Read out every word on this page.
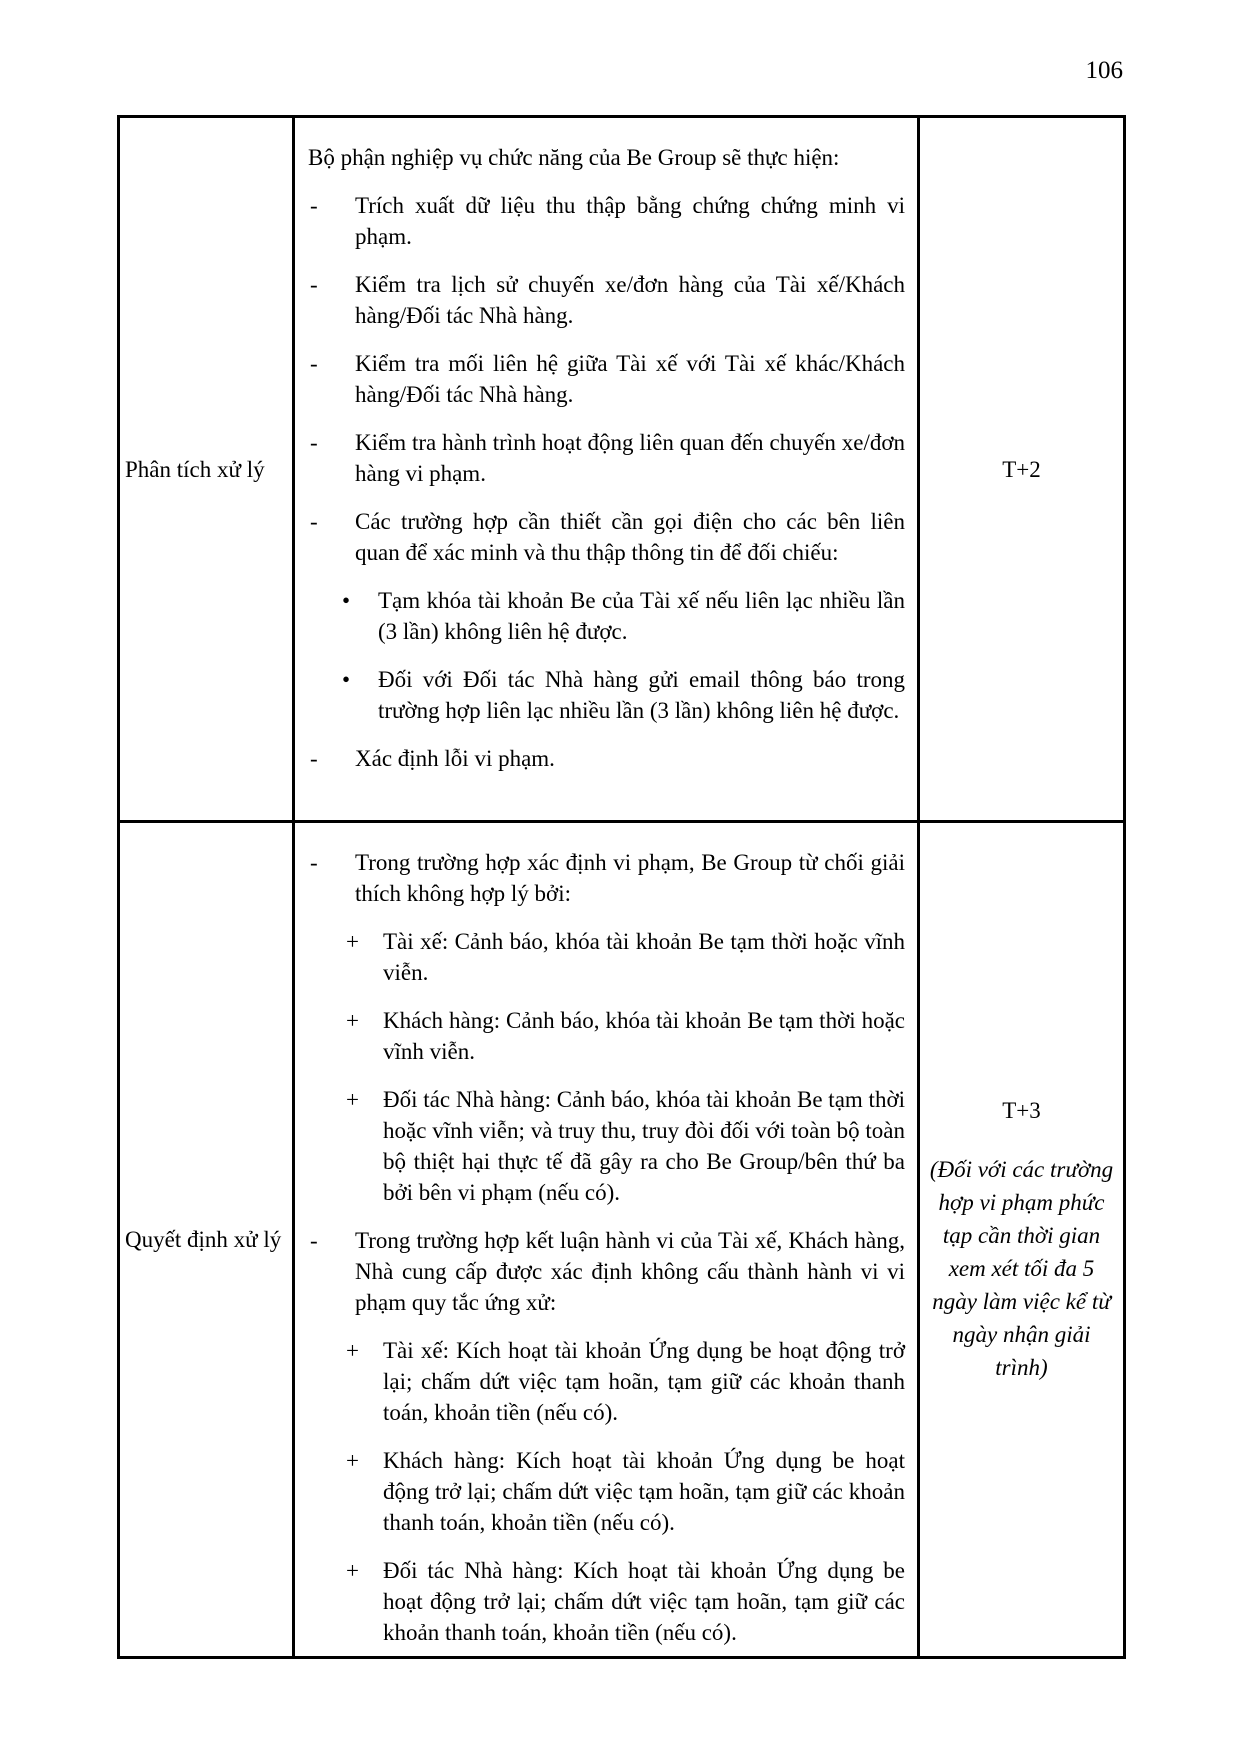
106
Phân tích xử lý	
Bộ phận nghiệp vụ chức năng của Be Group sẽ thực hiện:
- Trích xuất dữ liệu thu thập bằng chứng chứng minh vi phạm.
- Kiểm tra lịch sử chuyến xe/đơn hàng của Tài xế/Khách hàng/Đối tác Nhà hàng.
- Kiểm tra mối liên hệ giữa Tài xế với Tài xế khác/Khách hàng/Đối tác Nhà hàng.
- Kiểm tra hành trình hoạt động liên quan đến chuyến xe/đơn hàng vi phạm.
- Các trường hợp cần thiết cần gọi điện cho các bên liên quan để xác minh và thu thập thông tin để đối chiếu:
• Tạm khóa tài khoản Be của Tài xế nếu liên lạc nhiều lần (3 lần) không liên hệ được.
• Đối với Đối tác Nhà hàng gửi email thông báo trong trường hợp liên lạc nhiều lần (3 lần) không liên hệ được.
- Xác định lỗi vi phạm.

T+2

Quyết định xử lý	
- Trong trường hợp xác định vi phạm, Be Group từ chối giải thích không hợp lý bởi:
+ Tài xế: Cảnh báo, khóa tài khoản Be tạm thời hoặc vĩnh viễn.
+ Khách hàng: Cảnh báo, khóa tài khoản Be tạm thời hoặc vĩnh viễn.
+ Đối tác Nhà hàng: Cảnh báo, khóa tài khoản Be tạm thời hoặc vĩnh viễn; và truy thu, truy đòi đối với toàn bộ toàn bộ thiệt hại thực tế đã gây ra cho Be Group/bên thứ ba bởi bên vi phạm (nếu có).
- Trong trường hợp kết luận hành vi của Tài xế, Khách hàng, Nhà cung cấp được xác định không cấu thành hành vi vi phạm quy tắc ứng xử:
+ Tài xế: Kích hoạt tài khoản Ứng dụng be hoạt động trở lại; chấm dứt việc tạm hoãn, tạm giữ các khoản thanh toán, khoản tiền (nếu có).
+ Khách hàng: Kích hoạt tài khoản Ứng dụng be hoạt động trở lại; chấm dứt việc tạm hoãn, tạm giữ các khoản thanh toán, khoản tiền (nếu có).
+ Đối tác Nhà hàng: Kích hoạt tài khoản Ứng dụng be hoạt động trở lại; chấm dứt việc tạm hoãn, tạm giữ các khoản thanh toán, khoản tiền (nếu có).

T+3
(Đối với các trường hợp vi phạm phức tạp cần thời gian xem xét tối đa 5 ngày làm việc kể từ ngày nhận giải trình)
